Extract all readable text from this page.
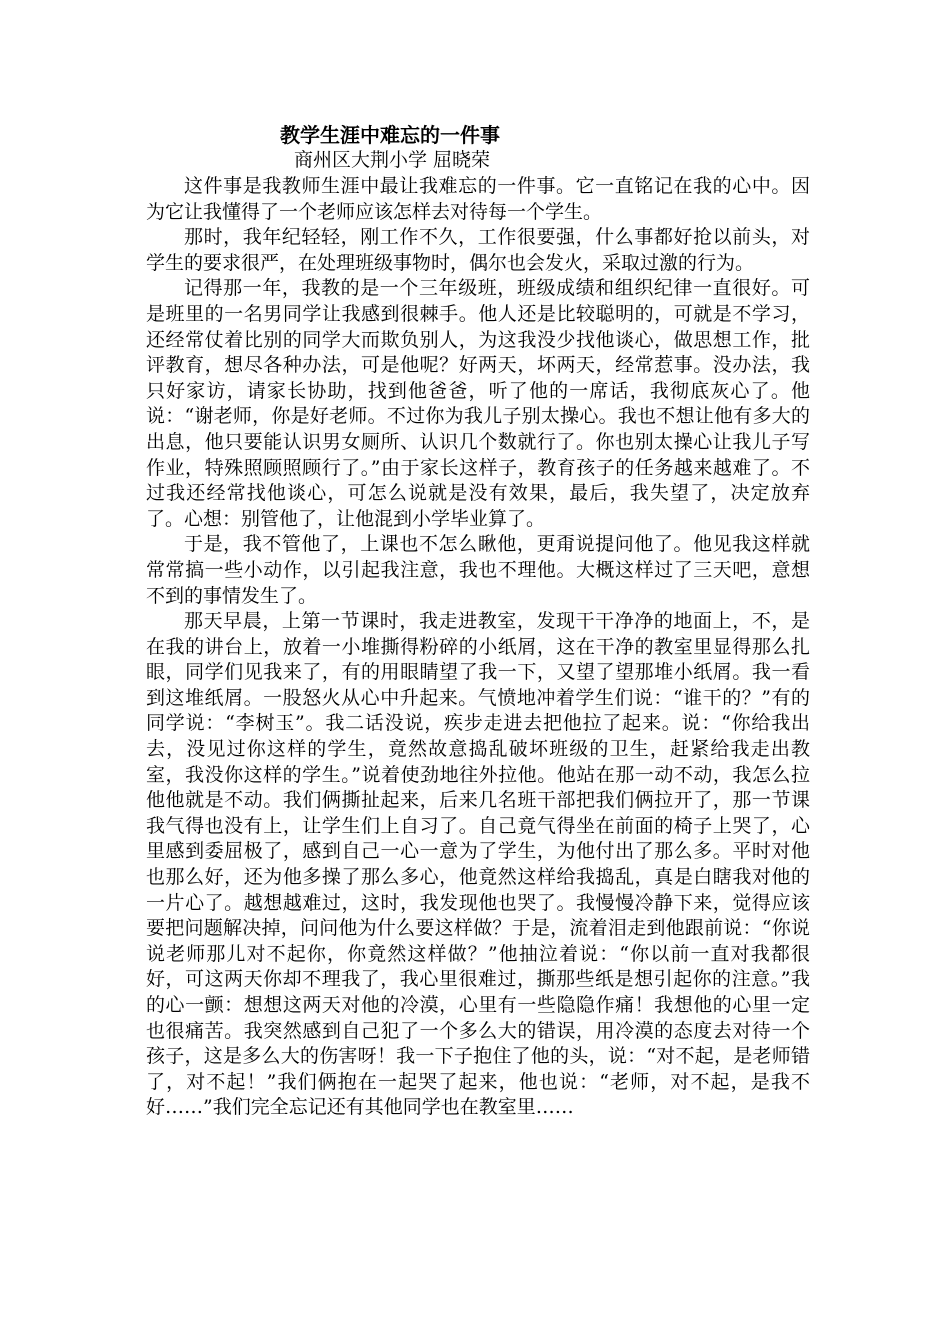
教学生涯中难忘的一件事
商州区大荆小学 屈晓荣

这件事是我教师生涯中最让我难忘的一件事。它一直铭记在我的心中。因为它让我懂得了一个老师应该怎样去对待每一个学生。

那时，我年纪轻轻，刚工作不久，工作很要强，什么事都好抢以前头，对学生的要求很严，在处理班级事物时，偶尔也会发火，采取过激的行为。

记得那一年，我教的是一个三年级班，班级成绩和组织纪律一直很好。可是班里的一名男同学让我感到很棘手。他人还是比较聪明的，可就是不学习，还经常仗着比别的同学大而欺负别人，为这我没少找他谈心，做思想工作，批评教育，想尽各种办法，可是他呢？好两天，坏两天，经常惹事。没办法，我只好家访，请家长协助，找到他爸爸，听了他的一席话，我彻底灰心了。他说：“谢老师，你是好老师。不过你为我儿子别太操心。我也不想让他有多大的出息，他只要能认识男女厕所、认识几个数就行了。你也别太操心让我儿子写作业，特殊照顾照顾行了。”由于家长这样子，教育孩子的任务越来越难了。不过我还经常找他谈心，可怎么说就是没有效果，最后，我失望了，决定放弃了。心想：别管他了，让他混到小学毕业算了。

于是，我不管他了，上课也不怎么瞅他，更甭说提问他了。他见我这样就常常搞一些小动作，以引起我注意，我也不理他。大概这样过了三天吧，意想不到的事情发生了。

那天早晨，上第一节课时，我走进教室，发现干干净净的地面上，不，是在我的讲台上，放着一小堆撕得粉碎的小纸屑，这在干净的教室里显得那么扎眼，同学们见我来了，有的用眼睛望了我一下，又望了望那堆小纸屑。我一看到这堆纸屑。一股怒火从心中升起来。气愤地冲着学生们说：“谁干的？”有的同学说：“李树玉”。我二话没说，疾步走进去把他拉了起来。说：“你给我出去，没见过你这样的学生，竟然故意捣乱破坏班级的卫生，赶紧给我走出教室，我没你这样的学生。”说着使劲地往外拉他。他站在那一动不动，我怎么拉他他就是不动。我们俩撕扯起来，后来几名班干部把我们俩拉开了，那一节课我气得也没有上，让学生们上自习了。自己竟气得坐在前面的椅子上哭了，心里感到委屈极了，感到自己一心一意为了学生，为他付出了那么多。平时对他也那么好，还为他多操了那么多心，他竟然这样给我捣乱，真是白瞎我对他的一片心了。越想越难过，这时，我发现他也哭了。我慢慢冷静下来，觉得应该要把问题解决掉，问问他为什么要这样做？于是，流着泪走到他跟前说：“你说说老师那儿对不起你，你竟然这样做？”他抽泣着说：“你以前一直对我都很好，可这两天你却不理我了，我心里很难过，撕那些纸是想引起你的注意。”我的心一颤：想想这两天对他的冷漠，心里有一些隐隐作痛！我想他的心里一定也很痛苦。我突然感到自己犯了一个多么大的错误，用冷漠的态度去对待一个孩子，这是多么大的伤害呀！我一下子抱住了他的头，说：“对不起，是老师错了，对不起！”我们俩抱在一起哭了起来，他也说：“老师，对不起，是我不好……”我们完全忘记还有其他同学也在教室里……
